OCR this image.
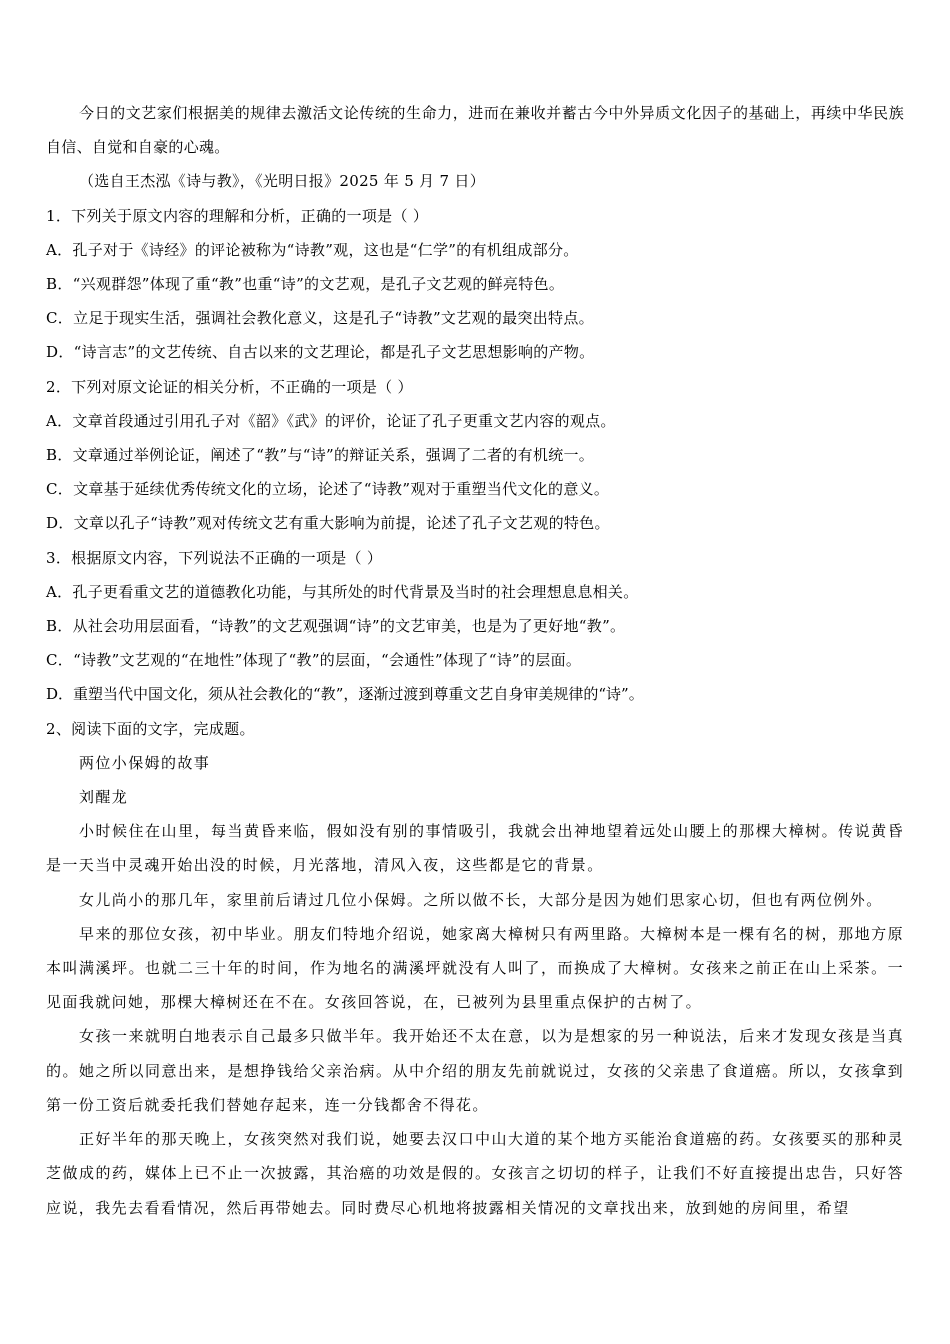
今日的文艺家们根据美的规律去激活文论传统的生命力，进而在兼收并蓄古今中外异质文化因子的基础上，再续中华民族自信、自觉和自豪的心魂。

（选自王杰泓《诗与教》，《光明日报》2025 年 5 月 7 日）

1．下列关于原文内容的理解和分析，正确的一项是（ ）

A．孔子对于《诗经》的评论被称为“诗教”观，这也是“仁学”的有机组成部分。

B．“兴观群怨”体现了重“教”也重“诗”的文艺观，是孔子文艺观的鲜亮特色。

C．立足于现实生活，强调社会教化意义，这是孔子“诗教”文艺观的最突出特点。

D．“诗言志”的文艺传统、自古以来的文艺理论，都是孔子文艺思想影响的产物。

2．下列对原文论证的相关分析，不正确的一项是（ ）

A．文章首段通过引用孔子对《韶》《武》的评价，论证了孔子更重文艺内容的观点。

B．文章通过举例论证，阐述了“教”与“诗”的辩证关系，强调了二者的有机统一。

C．文章基于延续优秀传统文化的立场，论述了“诗教”观对于重塑当代文化的意义。

D．文章以孔子“诗教”观对传统文艺有重大影响为前提，论述了孔子文艺观的特色。

3．根据原文内容，下列说法不正确的一项是（ ）

A．孔子更看重文艺的道德教化功能，与其所处的时代背景及当时的社会理想息息相关。

B．从社会功用层面看，“诗教”的文艺观强调“诗”的文艺审美，也是为了更好地“教”。

C．“诗教”文艺观的“在地性”体现了“教”的层面，“会通性”体现了“诗”的层面。

D．重塑当代中国文化，须从社会教化的“教”，逐渐过渡到尊重文艺自身审美规律的“诗”。

2、阅读下面的文字，完成题。

两位小保姆的故事

刘醒龙

小时候住在山里，每当黄昏来临，假如没有别的事情吸引，我就会出神地望着远处山腰上的那棵大樟树。传说黄昏是一天当中灵魂开始出没的时候，月光落地，清风入夜，这些都是它的背景。

女儿尚小的那几年，家里前后请过几位小保姆。之所以做不长，大部分是因为她们思家心切，但也有两位例外。

早来的那位女孩，初中毕业。朋友们特地介绍说，她家离大樟树只有两里路。大樟树本是一棵有名的树，那地方原本叫满溪坪。也就二三十年的时间，作为地名的满溪坪就没有人叫了，而换成了大樟树。女孩来之前正在山上采茶。一见面我就问她，那棵大樟树还在不在。女孩回答说，在，已被列为县里重点保护的古树了。

女孩一来就明白地表示自己最多只做半年。我开始还不太在意，以为是想家的另一种说法，后来才发现女孩是当真的。她之所以同意出来，是想挣钱给父亲治病。从中介绍的朋友先前就说过，女孩的父亲患了食道癌。所以，女孩拿到第一份工资后就委托我们替她存起来，连一分钱都舍不得花。

正好半年的那天晚上，女孩突然对我们说，她要去汉口中山大道的某个地方买能治食道癌的药。女孩要买的那种灵芝做成的药，媒体上已不止一次披露，其治癌的功效是假的。女孩言之切切的样子，让我们不好直接提出忠告，只好答应说，我先去看看情况，然后再带她去。同时费尽心机地将披露相关情况的文章找出来，放到她的房间里，希望
